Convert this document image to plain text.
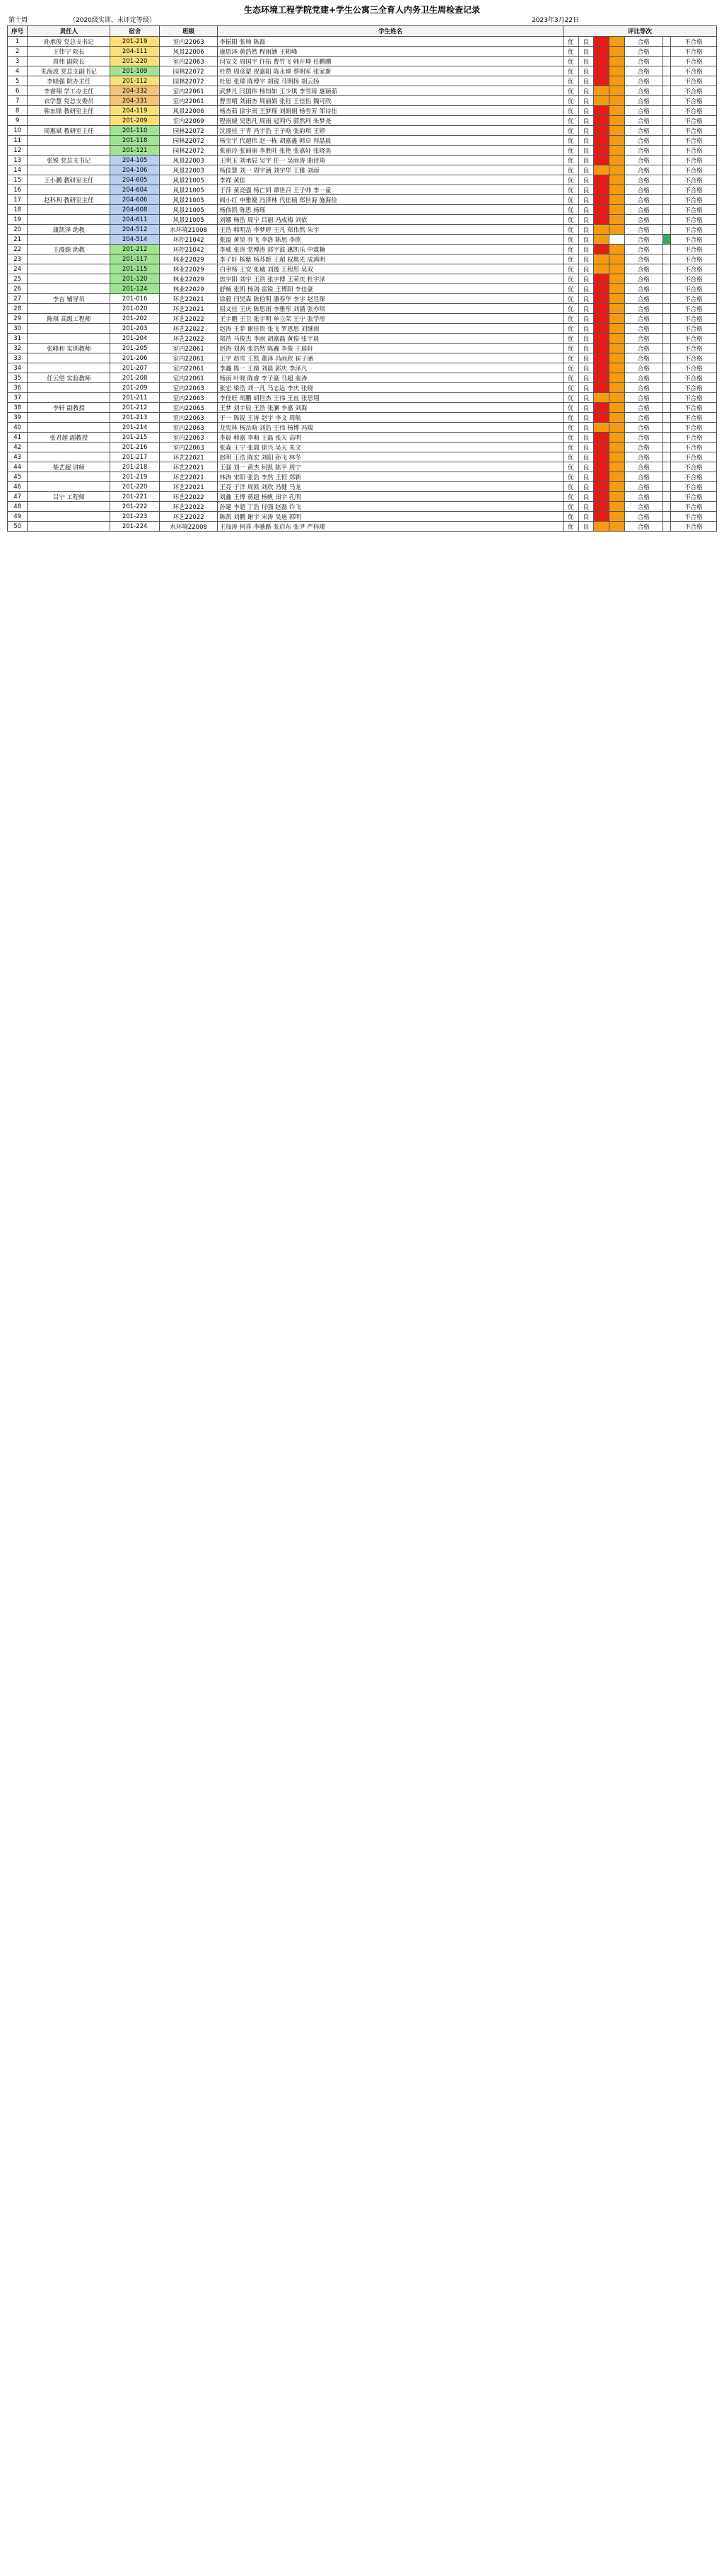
生态环境工程学院党建+学生公寓三全育人内务卫生周检查记录
第十周	（2020级实训、未评定等级）	2023年3月22日
序号	责任人	宿舍	班级	学生姓名	评比等次						
1	孙承俊 党总支书记	201-219	室内22063	李振阳 张帅 陈磊	优	良			合格		不合格
2	王伟宁 院长	204-111	风景22006	康恩泽 黄浩然 程雨涵 王彬峰	优	良			合格		不合格
3	周伟 副院长	201-220	室内22063	闫安文 周国宇 许拓 曹竹飞 韩开坤 任鹏鹏	优	良			合格		不合格
4	朱海波 党总支副书记	201-109	园林22072	杜赞 周彦蒙 祝嘉阳 陈永坤 蔡明军 张家新	优	良			合格		不合格
5	李晓强 院办主任	201-112	园林22072	杜思 张瑞 陈博宇 胡锐 马明扬 胡云扬	优	良			合格		不合格
6	李睿翔 学工办主任	204-332	室内22061	武梦凡 闫国伟 杨知如 王少琪 李雪琦 惠颖茹	优	良			合格		不合格
7	衣学慧 党总支委员	204-331	室内22061	曹雪晴 刘雨杰 周丽娟 张钰 王佳怡 魏可欣	优	良			合格		不合格
8	韩东锋 教研室主任	204-119	风景22006	杨杰茹 徐宇雨 王梦瑶 刘娟娟 杨雪芳 邹诗佳	优	良			合格		不合格
9		201-209	室内22069	程雨婕 吴思凡 周雨 冠利巧 郭然珂 朱梦尧	优	良			合格		不合格
10	周惠斌 教研室主任	201-110	园林22072	沈漫佳 于青 冯宇浩 王子晗 张韵琪 王婷	优	良			合格		不合格
11		201-118	园林22072	杨宝宇 代超伟 赵一栋 胡嘉鑫 韩卓 拜晶晨	优	良			合格		不合格
12		201-121	园林22072	张丽玲 张丽丽 李胜旺 张艳 张嘉轩 张晓美	优	良			合格		不合格
13	张锐 党总支书记	204-105	风景22003	王明玉 刘承辰 吴宇 任一 吴雨涛 曲诗琦	优	良			合格		不合格
14		204-106	风景22003	杨佳慧 刘一 周宇涵 刘宇华 王雅 刘雨	优	良			合格		不合格
15	王小鹏 教研室主任	204-605	风景21005	李祥 黄佳	优	良			合格		不合格
16		204-604	风景21005	于萍 黄竞强 杨亡同 谭世召 王子帅 李一童	优	良			合格		不合格
17	赵科利 教研室主任	204-606	风景21005	阎小红 申雅婕 冯泽林 代佳硕 郑世海 施海俭	优	良			合格		不合格
18		204-608	风景21005	杨伟凯 陈思 杨瑶	优	良			合格		不合格
19		204-611	风景21005	刘娜 杨浩 周宁 吕丽 冯成梅 刘依	优	良			合格		不合格
20	康凯泽 助教	204-512	水环境21008	王浩 韩明岳 李梦婷 王凡 郑伟然 朱宇	优	良			合格		不合格
21		204-514	环控21042	张溢 黄昊 乔飞 李洛 陈思 李欣	优	良			合格		不合格
22	王漫源 助教	201-212	环控21042	李威 张涛 党博涛 郭宇波 惠凯乐 申霖楠	优	良			合格		不合格
23		201-117	林业22029	李子轩 杨紫 杨苏新 王超 权奥光 成鸿明	优	良			合格		不合格
24		201-115	林业22029	白聿杨 王安 张城 刘逸 王程彤 吴双	优	良			合格		不合格
25		201-120	林业22029	焦宇阳 刘宇 王洪 张宇博 王荣庆 杜宇泽	优	良			合格		不合格
26		201-124	林业22029	舒畅 张凯 杨剑 雷锐 王博阳 李佳豪	优	良			合格		不合格
27	李吉 辅导员	201-016	环艺22021	徐毅 闫昊森 陈伯明 潘春华 李宇 赵昱琛	优	良			合格		不合格
28		201-020	环艺22021	屈义佳 王庆 陈思雨 李雅彤 刘涵 张亦琪	优	良			合格		不合格
29	陈琪 高级工程师	201-202	环艺22022	王宇鹏 王卫 张宇明 单立荣 王宁 张学彤	优	良			合格		不合格
30		201-203	环艺22022	赵涛 王菲 谢佳贵 张飞 罗思思 刘继雨	优	良			合格		不合格
31		201-204	环艺22022	郑浩 马俊杰 李雨 胡嘉磊 黄俊 张宇晨	优	良			合格		不合格
32	张峰和 实训教师	201-205	室内22061	赵涛 刘茜 张浩然 陈鑫 李俊 王晨轩	优	良			合格		不合格
33		201-206	室内22061	王宇 赵雪 王凯 董泽 冯雨欣 崔子涵	优	良			合格		不合格
34		201-207	室内22061	李鑫 陈一 王婧 刘晨 郭庆 李泽凡	优	良			合格		不合格
35	任云望 实验教师	201-208	室内22061	杨雨 叶晓 陈睿 李子豪 马超 姜涛	优	良			合格		不合格
36		201-209	室内22063	张宏 梁浩 刘一凡 马志远 李庆 张晓	优	良			合格		不合格
37		201-211	室内22063	李佳旺 胡鹏 胡世杰 王伟 王直 张思翔	优	良			合格		不合格
38	李轩 副教授	201-212	室内22063	王梦 刘宇辰 王浩 张澜 李嘉 刘海	优	良			合格		不合格
39		201-213	室内22063	于一 陈锐 王涛 赵宇 李文 周航	优	良			合格		不合格
40		201-214	室内22063	龙宪林 杨岳晗 刘浩 王伟 杨博 冯瑞	优	良			合格		不合格
41	张君超 副教授	201-215	室内22063	李晨 韩嘉 李萌 王磊 张天 高明	优	良			合格		不合格
42		201-216	室内22063	张森 王宁 张瑞 徐兴 吴天 朱文	优	良			合格		不合格
43		201-217	环艺22021	赵明 王浩 陈宏 刘阳 孙飞 林冬	优	良			合格		不合格
44	柴艺超 讲师	201-218	环艺22021	王强 刘一 黄杰 何凯 陈平 周宁	优	良			合格		不合格
45		201-219	环艺22021	林涛 宋阳 张浩 李然 王恒 郑新	优	良			合格		不合格
46		201-220	环艺22021	王亮 于洋 周凯 刘欣 冯健 马龙	优	良			合格		不合格
47	吕宁 工程师	201-221	环艺22022	刘鑫 王博 蒋超 杨帆 田宇 孔明	优	良			合格		不合格
48		201-222	环艺22022	孙建 李超 丁浩 付强 赵磊 许飞	优	良			合格		不合格
49		201-223	环艺22022	陈凯 刘鹏 谢宇 宋涛 吴迪 郭明	优	良			合格		不合格
50		201-224	水环境22008	王加涛 何祥 李驰路 张启东 张尹 严梓瑾	优	良			合格		不合格
